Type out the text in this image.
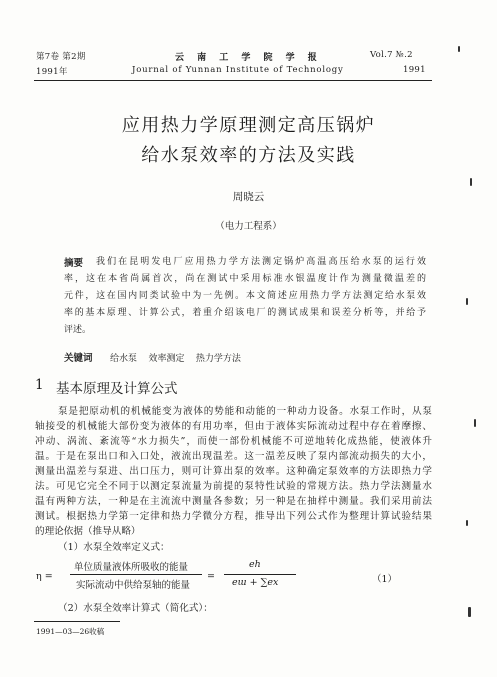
第7卷 第2期	云 南 工 学 院 学 报	Vol.7 №.2
1991年	Journal of Yunnan Institute of Technology	1991
应用热力学原理测定高压锅炉
给水泵效率的方法及实践
周晓云
（电力工程系）
摘要 我们在昆明发电厂应用热力学方法测定锅炉高温高压给水泵的运行效
率，这在本省尚属首次，尚在测试中采用标准水银温度计作为测量微温差的
元件，这在国内同类试验中为一先例。本文简述应用热力学方法测定给水泵效
率的基本原理、计算公式，着重介绍该电厂的测试成果和误差分析等，并给予
评述。
关键词 给水泵    效率测定    热力学方法
1 基本原理及计算公式
泵是把原动机的机械能变为液体的势能和动能的一种动力设备。水泵工作时，从泵
轴接受的机械能大部份变为液体的有用功率，但由于液体实际流动过程中存在着摩擦、
冲动、涡流、紊流等“水力损失”，而使一部份机械能不可逆地转化成热能，使液体升
温。于是在泵出口和入口处，液流出现温差。这一温差反映了泵内部流动损失的大小，
测量出温差与泵进、出口压力，则可计算出泵的效率。这种确定泵效率的方法即热力学
法。可见它完全不同于以测定泵流量为前提的泵特性试验的常规方法。热力学法测量水
温有两种方法，一种是在主流流中测量各参数；另一种是在抽样中测量。我们采用前法
测试。根据热力学第一定律和热力学微分方程，推导出下列公式作为整理计算试验结果
的理论依据（推导从略）
（1）水泵全效率定义式：
η =
单位质量液体所吸收的能量
实际流动中供给泵轴的能量
=
eh
eɯ + ∑ex	（1）
（2）水泵全效率计算式（简化式）：
1991—03—26收稿
